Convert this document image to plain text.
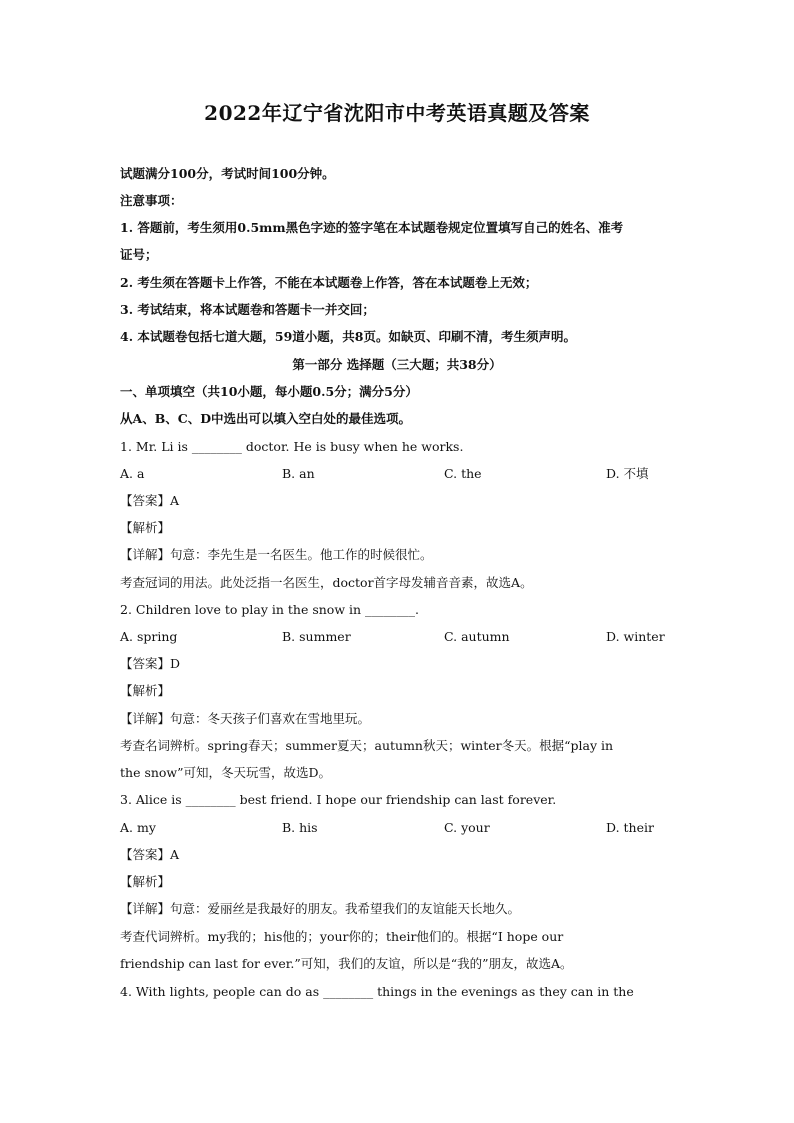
2022年辽宁省沈阳市中考英语真题及答案
试题满分100分，考试时间100分钟。
注意事项：
1. 答题前，考生须用0.5mm黑色字迹的签字笔在本试题卷规定位置填写自己的姓名、准考
证号；
2. 考生须在答题卡上作答，不能在本试题卷上作答，答在本试题卷上无效；
3. 考试结束，将本试题卷和答题卡一并交回；
4. 本试题卷包括七道大题，59道小题，共8页。如缺页、印刷不清，考生须声明。
第一部分 选择题（三大题；共38分）
一、单项填空（共10小题，每小题0.5分；满分5分）
从A、B、C、D中选出可以填入空白处的最佳选项。
1. Mr. Li is ________ doctor. He is busy when he works.
A. a	B. an	C. the	D. 不填
【答案】A
【解析】
【详解】句意：李先生是一名医生。他工作的时候很忙。
考查冠词的用法。此处泛指一名医生，doctor首字母发辅音音素，故选A。
2. Children love to play in the snow in ________.
A. spring	B. summer	C. autumn	D. winter
【答案】D
【解析】
【详解】句意：冬天孩子们喜欢在雪地里玩。
考查名词辨析。spring春天；summer夏天；autumn秋天；winter冬天。根据“play in
the snow”可知，冬天玩雪，故选D。
3. Alice is ________ best friend. I hope our friendship can last forever.
A. my	B. his	C. your	D. their
【答案】A
【解析】
【详解】句意：爱丽丝是我最好的朋友。我希望我们的友谊能天长地久。
考查代词辨析。my我的；his他的；your你的；their他们的。根据“I hope our
friendship can last for ever.”可知，我们的友谊，所以是“我的”朋友，故选A。
4. With lights, people can do as ________ things in the evenings as they can in the
